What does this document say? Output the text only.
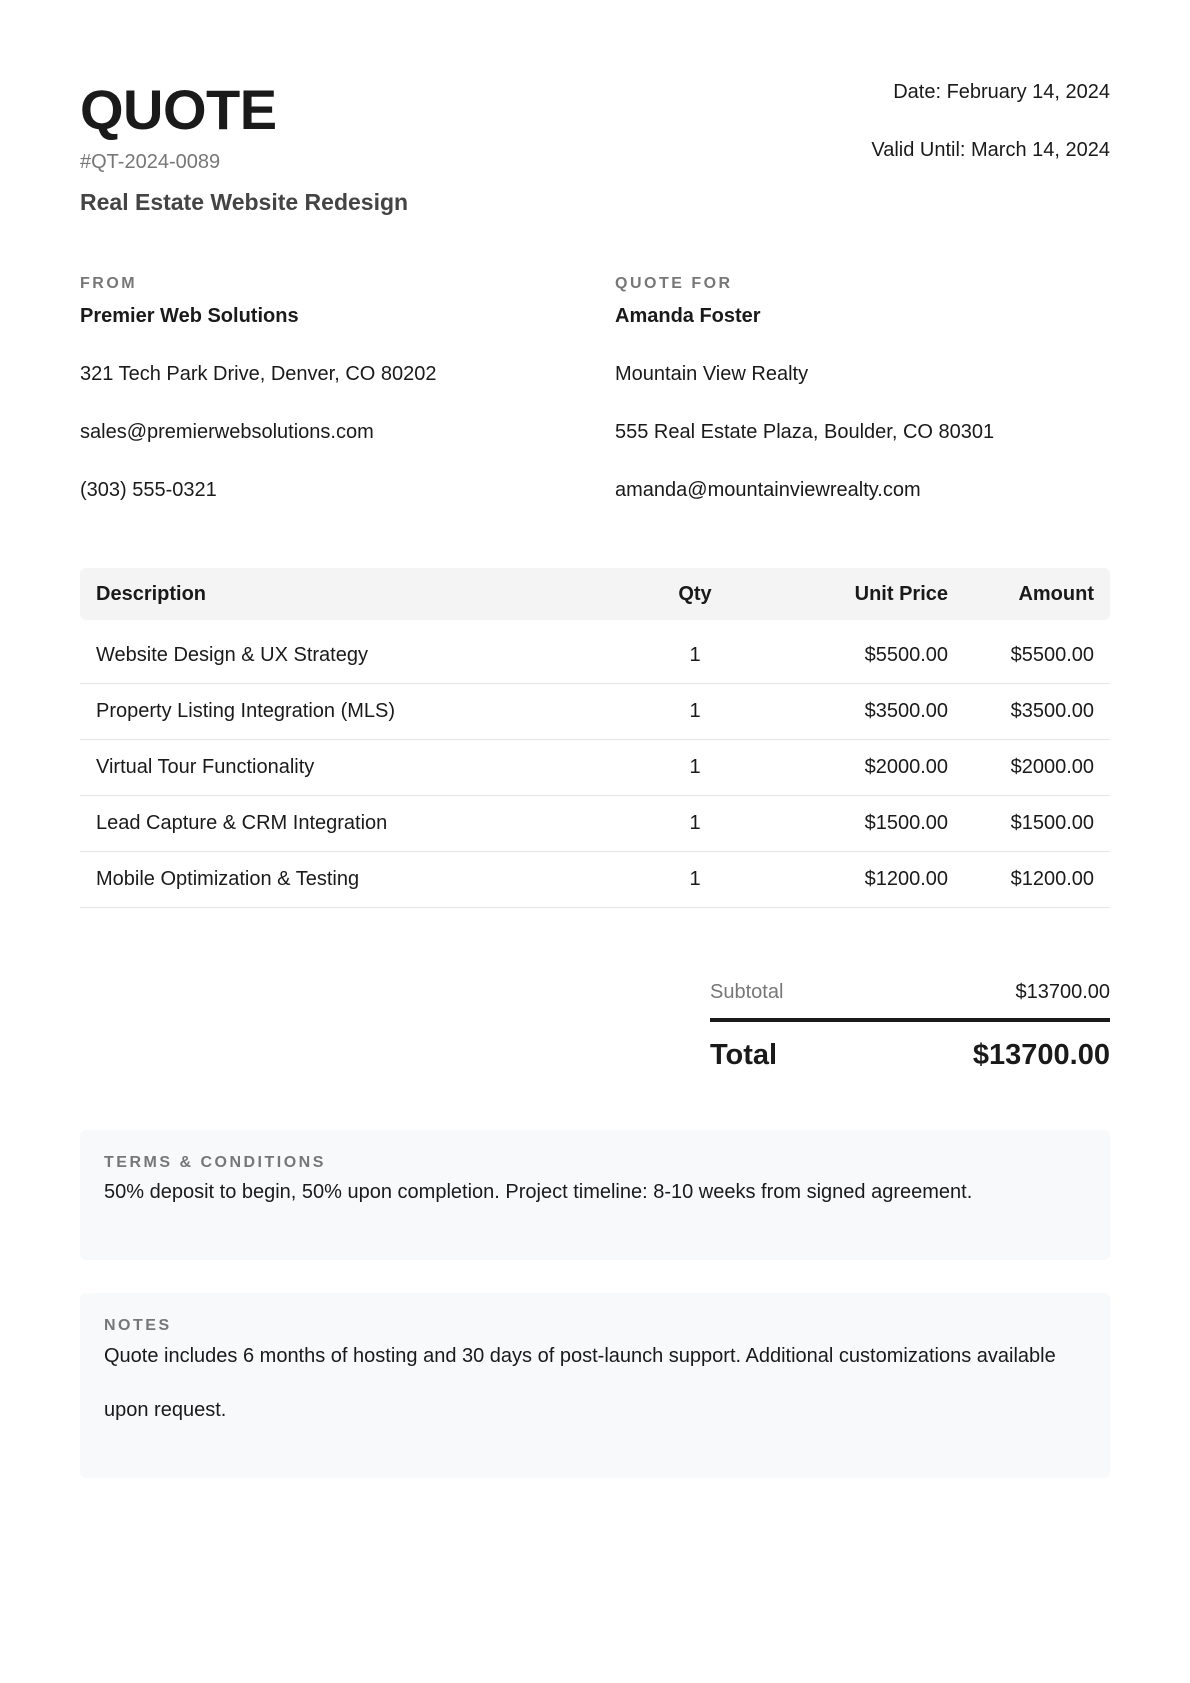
QUOTE
#QT-2024-0089
Real Estate Website Redesign
Date: February 14, 2024
Valid Until: March 14, 2024
FROM
Premier Web Solutions
321 Tech Park Drive, Denver, CO 80202
sales@premierwebsolutions.com
(303) 555-0321
QUOTE FOR
Amanda Foster
Mountain View Realty
555 Real Estate Plaza, Boulder, CO 80301
amanda@mountainviewrealty.com
Description	Qty	Unit Price	Amount
Website Design & UX Strategy	1	$5500.00	$5500.00
Property Listing Integration (MLS)	1	$3500.00	$3500.00
Virtual Tour Functionality	1	$2000.00	$2000.00
Lead Capture & CRM Integration	1	$1500.00	$1500.00
Mobile Optimization & Testing	1	$1200.00	$1200.00
Subtotal	$13700.00
Total	$13700.00
TERMS & CONDITIONS
50% deposit to begin, 50% upon completion. Project timeline: 8-10 weeks from signed agreement.
NOTES
Quote includes 6 months of hosting and 30 days of post-launch support. Additional customizations available upon request.
